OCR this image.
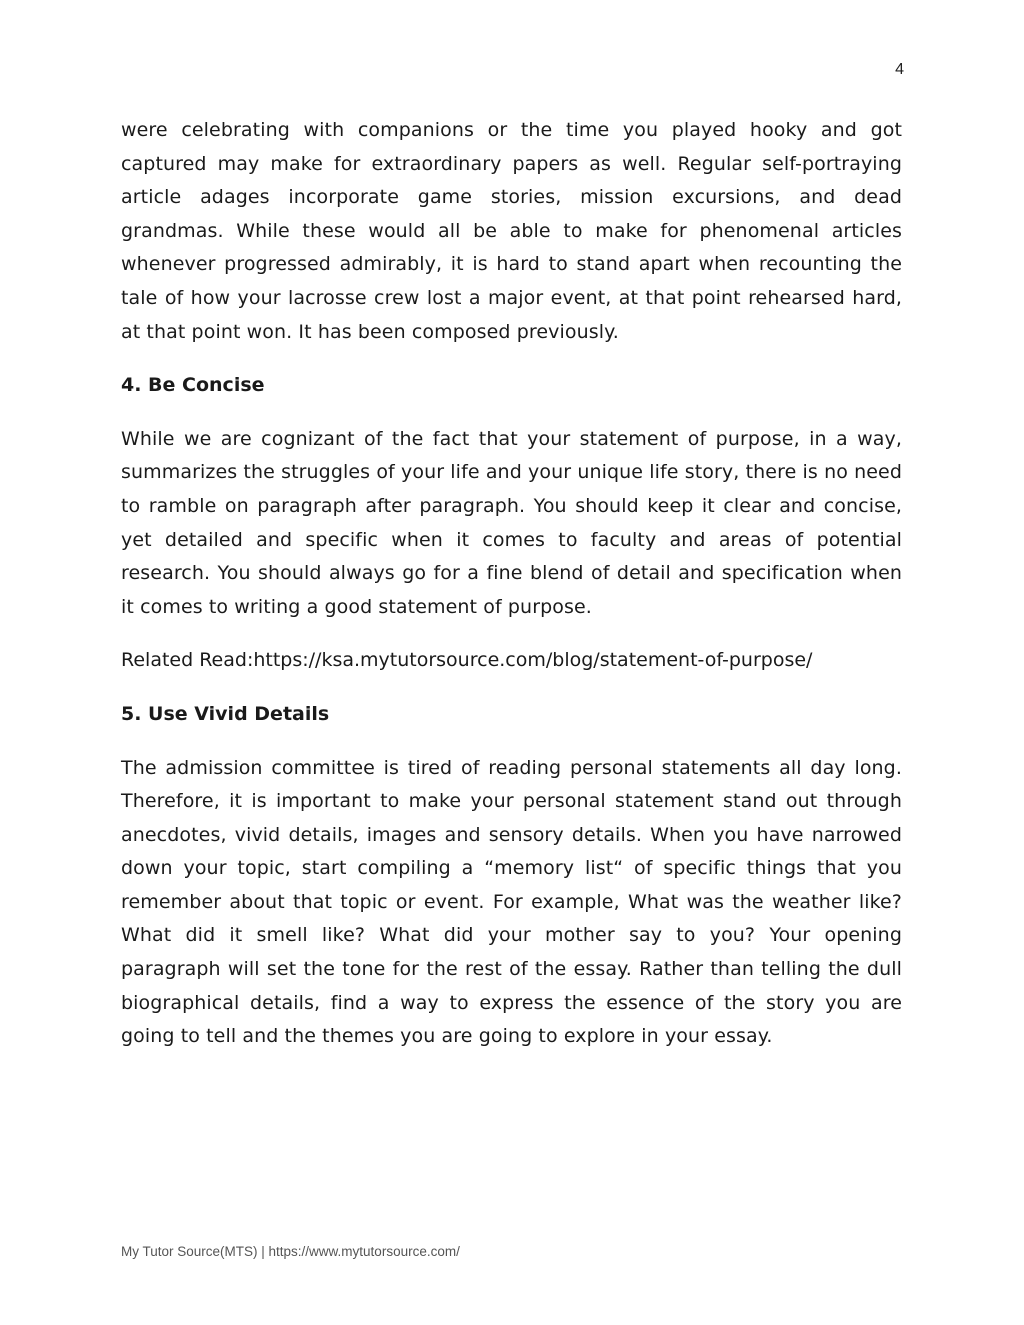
4

were celebrating with companions or the time you played hooky and got captured may make for extraordinary papers as well. Regular self-portraying article adages incorporate game stories, mission excursions, and dead grandmas. While these would all be able to make for phenomenal articles whenever progressed admirably, it is hard to stand apart when recounting the tale of how your lacrosse crew lost a major event, at that point rehearsed hard, at that point won. It has been composed previously.

4. Be Concise

While we are cognizant of the fact that your statement of purpose, in a way, summarizes the struggles of your life and your unique life story, there is no need to ramble on paragraph after paragraph. You should keep it clear and concise, yet detailed and specific when it comes to faculty and areas of potential research. You should always go for a fine blend of detail and specification when it comes to writing a good statement of purpose.

Related Read:https://ksa.mytutorsource.com/blog/statement-of-purpose/
5. Use Vivid Details

The admission committee is tired of reading personal statements all day long. Therefore, it is important to make your personal statement stand out through anecdotes, vivid details, images and sensory details. When you have narrowed down your topic, start compiling a “memory list“ of specific things that you remember about that topic or event. For example, What was the weather like? What did it smell like? What did your mother say to you? Your opening paragraph will set the tone for the rest of the essay. Rather than telling the dull biographical details, find a way to express the essence of the story you are going to tell and the themes you are going to explore in your essay.

My Tutor Source(MTS) | https://www.mytutorsource.com/
